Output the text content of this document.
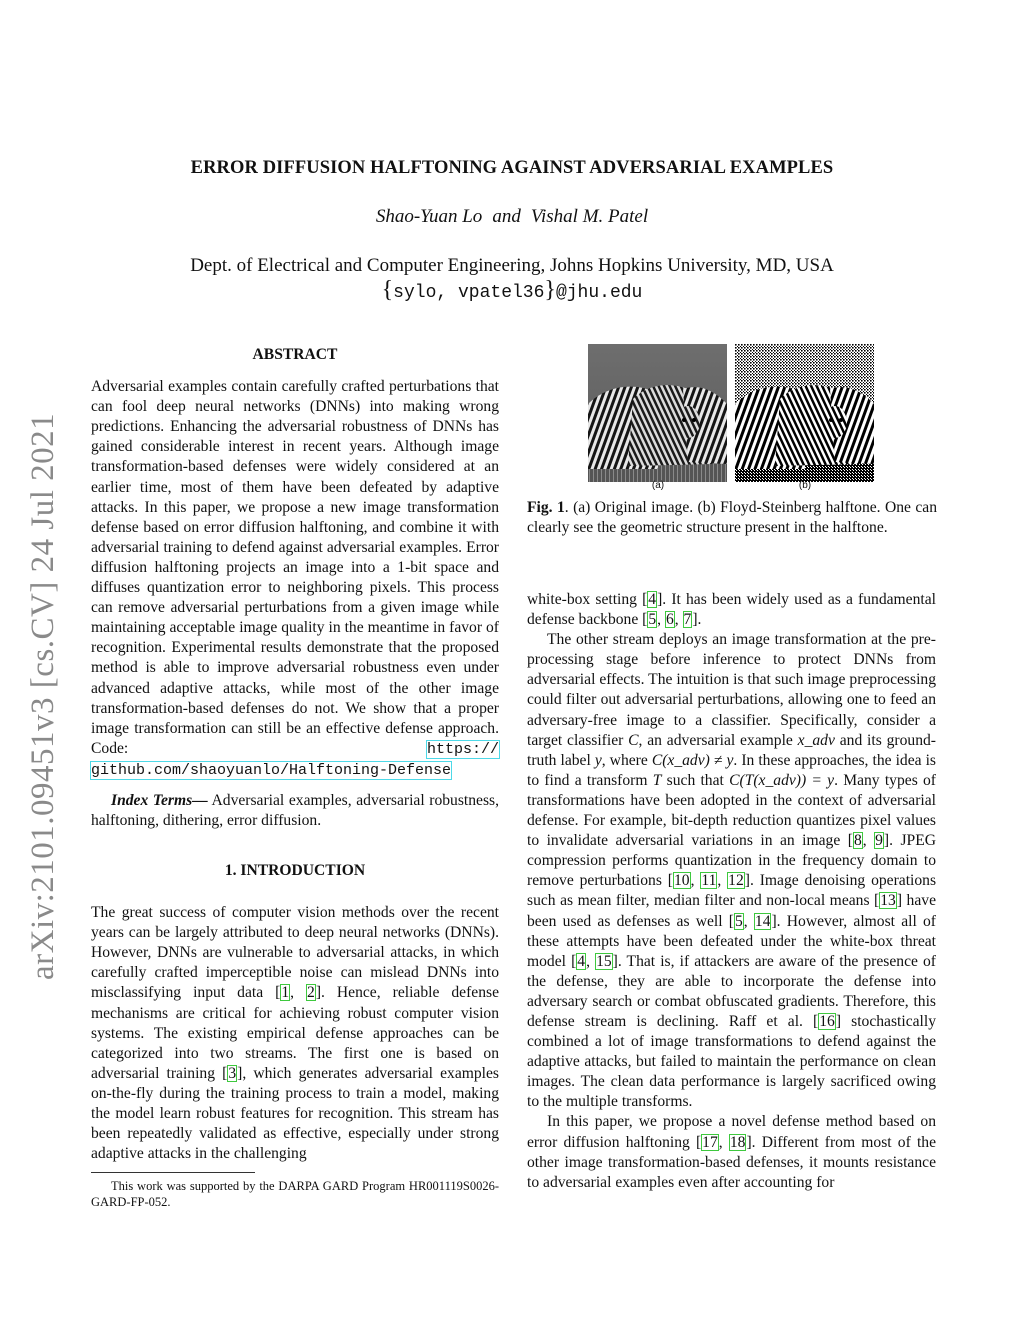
arXiv:2101.09451v3 [cs.CV] 24 Jul 2021
ERROR DIFFUSION HALFTONING AGAINST ADVERSARIAL EXAMPLES
Shao-Yuan Lo and Vishal M. Patel
Dept. of Electrical and Computer Engineering, Johns Hopkins University, MD, USA
{sylo, vpatel36}@jhu.edu
ABSTRACT

Adversarial examples contain carefully crafted perturbations that can fool deep neural networks (DNNs) into making wrong predictions. Enhancing the adversarial robustness of DNNs has gained considerable interest in recent years. Although image transformation-based defenses were widely considered at an earlier time, most of them have been defeated by adaptive attacks. In this paper, we propose a new image transformation defense based on error diffusion halftoning, and combine it with adversarial training to defend against adversarial examples. Error diffusion halftoning projects an image into a 1-bit space and diffuses quantization error to neighboring pixels. This process can remove adversarial perturbations from a given image while maintaining acceptable image quality in the meantime in favor of recognition. Experimental results demonstrate that the proposed method is able to improve adversarial robustness even under advanced adaptive attacks, while most of the other image transformation-based defenses do not. We show that a proper image transformation can still be an effective defense approach. Code:	https:// github.com/shaoyuanlo/Halftoning-Defense

Index Terms— Adversarial examples, adversarial robustness, halftoning, dithering, error diffusion.

1. INTRODUCTION

The great success of computer vision methods over the recent years can be largely attributed to deep neural networks (DNNs). However, DNNs are vulnerable to adversarial attacks, in which carefully crafted imperceptible noise can mislead DNNs into misclassifying input data [1, 2]. Hence, reliable defense mechanisms are critical for achieving robust computer vision systems. The existing empirical defense approaches can be categorized into two streams. The first one is based on adversarial training [3], which generates adversarial examples on-the-fly during the training process to train a model, making the model learn robust features for recognition. This stream has been repeatedly validated as effective, especially under strong adaptive attacks in the challenging

This work was supported by the DARPA GARD Program HR001119S0026-GARD-FP-052.
(a)	(b)
Fig. 1. (a) Original image. (b) Floyd-Steinberg halftone. One can clearly see the geometric structure present in the halftone.

white-box setting [4]. It has been widely used as a fundamental defense backbone [5, 6, 7].

The other stream deploys an image transformation at the pre-processing stage before inference to protect DNNs from adversarial effects. The intuition is that such image preprocessing could filter out adversarial perturbations, allowing one to feed an adversary-free image to a classifier. Specifically, consider a target classifier C, an adversarial example x_adv and its ground-truth label y, where C(x_adv) ≠ y. In these approaches, the idea is to find a transform T such that C(T(x_adv)) = y. Many types of transformations have been adopted in the context of adversarial defense. For example, bit-depth reduction quantizes pixel values to invalidate adversarial variations in an image [8, 9]. JPEG compression performs quantization in the frequency domain to remove perturbations [10, 11, 12]. Image denoising operations such as mean filter, median filter and non-local means [13] have been used as defenses as well [5, 14]. However, almost all of these attempts have been defeated under the white-box threat model [4, 15]. That is, if attackers are aware of the presence of the defense, they are able to incorporate the defense into adversary search or combat obfuscated gradients. Therefore, this defense stream is declining. Raff et al. [16] stochastically combined a lot of image transformations to defend against the adaptive attacks, but failed to maintain the performance on clean images. The clean data performance is largely sacrificed owing to the multiple transforms.

In this paper, we propose a novel defense method based on error diffusion halftoning [17, 18]. Different from most of the other image transformation-based defenses, it mounts resistance to adversarial examples even after accounting for
